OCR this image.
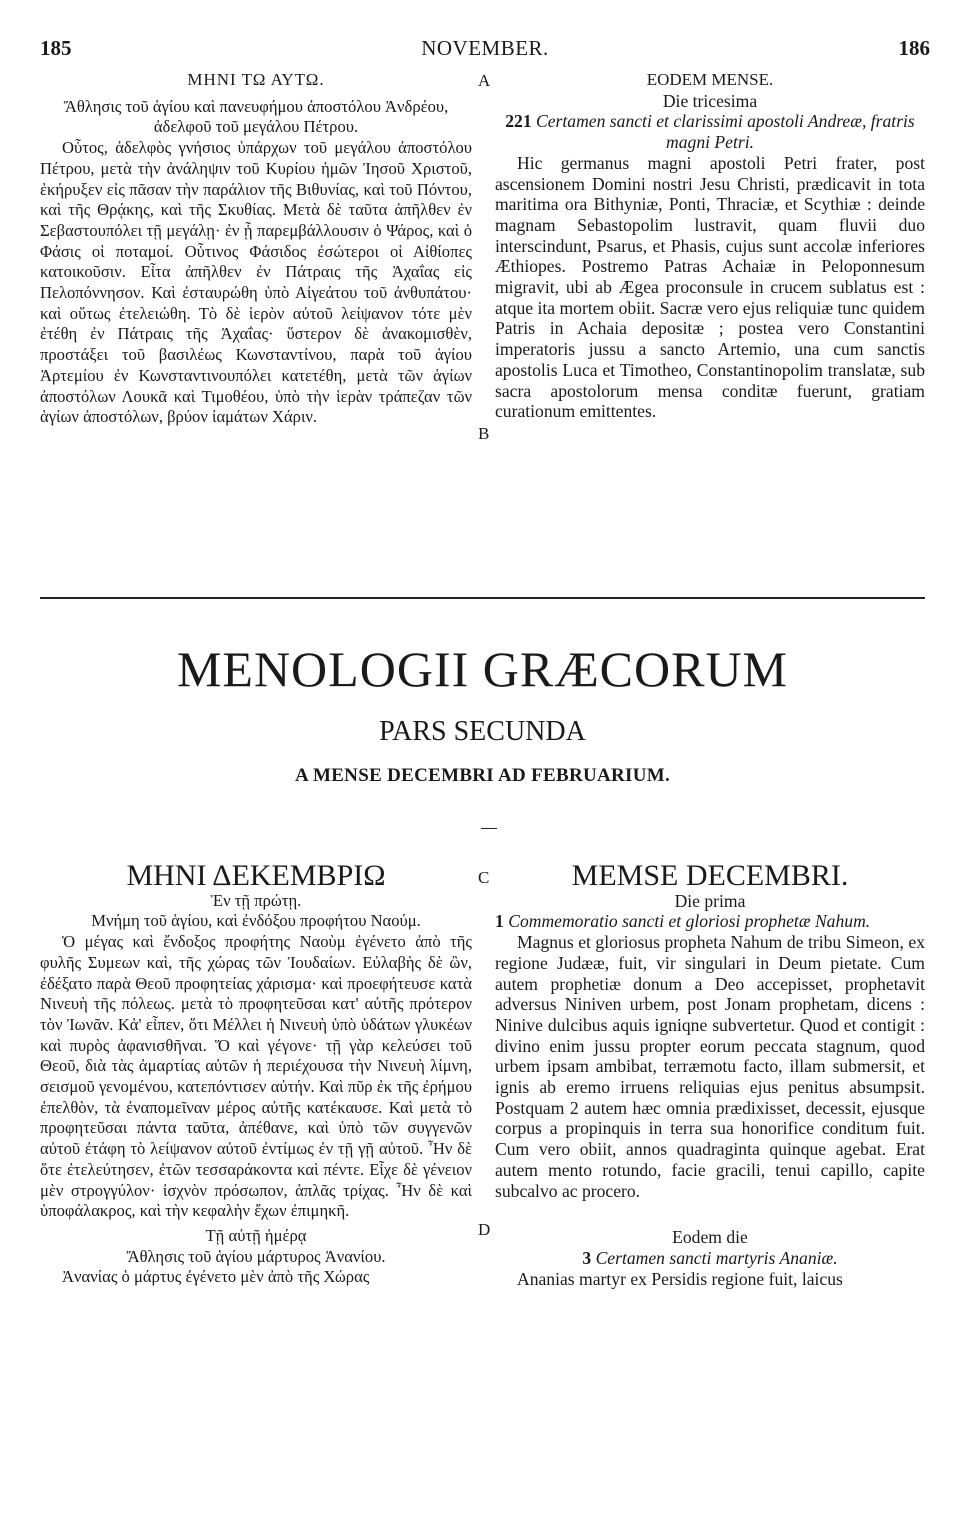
185	NOVEMBER.	186

ΜΗΝΙ ΤΩ ΑΥΤΩ.

Ἄθλησις τοῦ ἁγίου καὶ πανευφήμου ἀποστόλου Ἀνδρέου, ἀδελφοῦ τοῦ μεγάλου Πέτρου.

Οὗτος, ἀδελφὸς γνήσιος ὑπάρχων τοῦ μεγάλου ἀποστόλου Πέτρου, μετὰ τὴν ἀνάληψιν τοῦ Κυρίου ἡμῶν Ἰησοῦ Χριστοῦ, ἐκήρυξεν εἰς πᾶσαν τὴν παράλιον τῆς Βιθυνίας, καὶ τοῦ Πόντου, καὶ τῆς Θρᾴκης, καὶ τῆς Σκυθίας. Μετὰ δὲ ταῦτα ἀπῆλθεν ἐν Σεβαστουπόλει τῇ μεγάλῃ· ἐν ᾗ παρεμβάλλουσιν ὁ Ψάρος, καὶ ὁ Φάσις οἱ ποταμοί. Οὗτινος Φάσιδος ἐσώτεροι οἱ Αἰθίοπες κατοικοῦσιν. Εἶτα ἀπῆλθεν ἐν Πάτραις τῆς Ἀχαΐας εἰς Πελοπόννησον. Καὶ ἐσταυρώθη ὑπὸ Αἰγεάτου τοῦ ἀνθυπάτου· καὶ οὕτως ἐτελειώθη. Τὸ δὲ ἱερὸν αὐτοῦ λείψανον τότε μὲν ἐτέθη ἐν Πάτραις τῆς Ἀχαΐας· ὕστερον δὲ ἀνακομισθὲν, προστάξει τοῦ βασιλέως Κωνσταντίνου, παρὰ τοῦ ἁγίου Ἀρτεμίου ἐν Κωνσταντινουπόλει κατετέθη, μετὰ τῶν ἁγίων ἀποστόλων Λουκᾶ καὶ Τιμοθέου, ὑπὸ τὴν ἱερὰν τράπεζαν τῶν ἁγίων ἀποστόλων, βρύον ἰαμάτων Χάριν.

A
B

EODEM MENSE.

Die tricesima

221 Certamen sancti et clarissimi apostoli Andreæ, fratris magni Petri.

Hic germanus magni apostoli Petri frater, post ascensionem Domini nostri Jesu Christi, prædicavit in tota maritima ora Bithyniæ, Ponti, Thraciæ, et Scythiæ : deinde magnam Sebastopolim lustravit, quam fluvii duo interscindunt, Psarus, et Phasis, cujus sunt accolæ inferiores Æthiopes. Postremo Patras Achaiæ in Peloponnesum migravit, ubi ab Ægea proconsule in crucem sublatus est : atque ita mortem obiit. Sacræ vero ejus reliquiæ tunc quidem Patris in Achaia depositæ ; postea vero Constantini imperatoris jussu a sancto Artemio, una cum sanctis apostolis Luca et Timotheo, Constantinopolim translatæ, sub sacra apostolorum mensa conditæ fuerunt, gratiam curationum emittentes.

MENOLOGII GRÆCORUM
PARS SECUNDA
A MENSE DECEMBRI AD FEBRUARIUM.

ΜΗΝΙ ΔΕΚΕΜΒΡΙΩ

Ἐν τῇ πρώτῃ.

Μνήμη τοῦ ἁγίου, καὶ ἐνδόξου προφήτου Ναούμ.

Ὁ μέγας καὶ ἔνδοξος προφήτης Ναοὺμ ἐγένετο ἀπὸ τῆς φυλῆς Συμεων καὶ, τῆς χώρας τῶν Ἰουδαίων. Εὐλαβὴς δὲ ὢν, ἐδέξατο παρὰ Θεοῦ προφητείας χάρισμα· καὶ προεφήτευσε κατὰ Νινευὴ τῆς πόλεως. μετὰ τὸ προφητεῦσαι κατ' αὐτῆς πρότερον τὸν Ἰωνᾶν. Κἀ' εἶπεν, ὅτι Μέλλει ἡ Νινευὴ ὑπὸ ὑδάτων γλυκέων καὶ πυρὸς ἀφανισθῆναι. Ὅ καὶ γέγονε· τῇ γὰρ κελεύσει τοῦ Θεοῦ, διὰ τὰς ἁμαρτίας αὐτῶν ἡ περιέχουσα τὴν Νινευὴ λίμνη, σεισμοῦ γενομένου, κατεπόντισεν αὐτήν. Καὶ πῦρ ἐκ τῆς ἐρήμου ἐπελθὸν, τὰ ἐναπομεῖναν μέρος αὐτῆς κατέκαυσε. Καὶ μετὰ τὸ προφητεῦσαι πάντα ταῦτα, ἀπέθανε, καὶ ὑπὸ τῶν συγγενῶν αὐτοῦ ἐτάφη τὸ λείψανον αὐτοῦ ἐντίμως ἐν τῇ γῇ αὐτοῦ. Ἦν δὲ ὅτε ἐτελεύτησεν, ἐτῶν τεσσαράκοντα καὶ πέντε. Εἶχε δὲ γένειον μὲν στρογγύλον· ἰσχνὸν πρόσωπον, ἁπλᾶς τρίχας. Ἦν δὲ καὶ ὑποφάλακρος, καὶ τὴν κεφαλὴν ἔχων ἐπιμηκῆ.

Τῇ αὐτῇ ἡμέρᾳ

Ἄθλησις τοῦ ἁγίου μάρτυρος Ἀνανίου.

Ἀνανίας ὁ μάρτυς ἐγένετο μὲν ἀπὸ τῆς Χώρας

C
D

MEMSE DECEMBRI.

Die prima

1 Commemoratio sancti et gloriosi prophetæ Nahum.

Magnus et gloriosus propheta Nahum de tribu Simeon, ex regione Judææ, fuit, vir singulari in Deum pietate. Cum autem prophetiæ donum a Deo accepisset, prophetavit adversus Niniven urbem, post Jonam prophetam, dicens : Ninive dulcibus aquis igniqne subvertetur. Quod et contigit : divino enim jussu propter eorum peccata stagnum, quod urbem ipsam ambibat, terræmotu facto, illam submersit, et ignis ab eremo irruens reliquias ejus penitus absumpsit. Postquam 2 autem hæc omnia prædixisset, decessit, ejusque corpus a propinquis in terra sua honorifice conditum fuit. Cum vero obiit, annos quadraginta quinque agebat. Erat autem mento rotundo, facie gracili, tenui capillo, capite subcalvo ac procero.

Eodem die

3 Certamen sancti martyris Ananiæ.

Ananias martyr ex Persidis regione fuit, laicus
